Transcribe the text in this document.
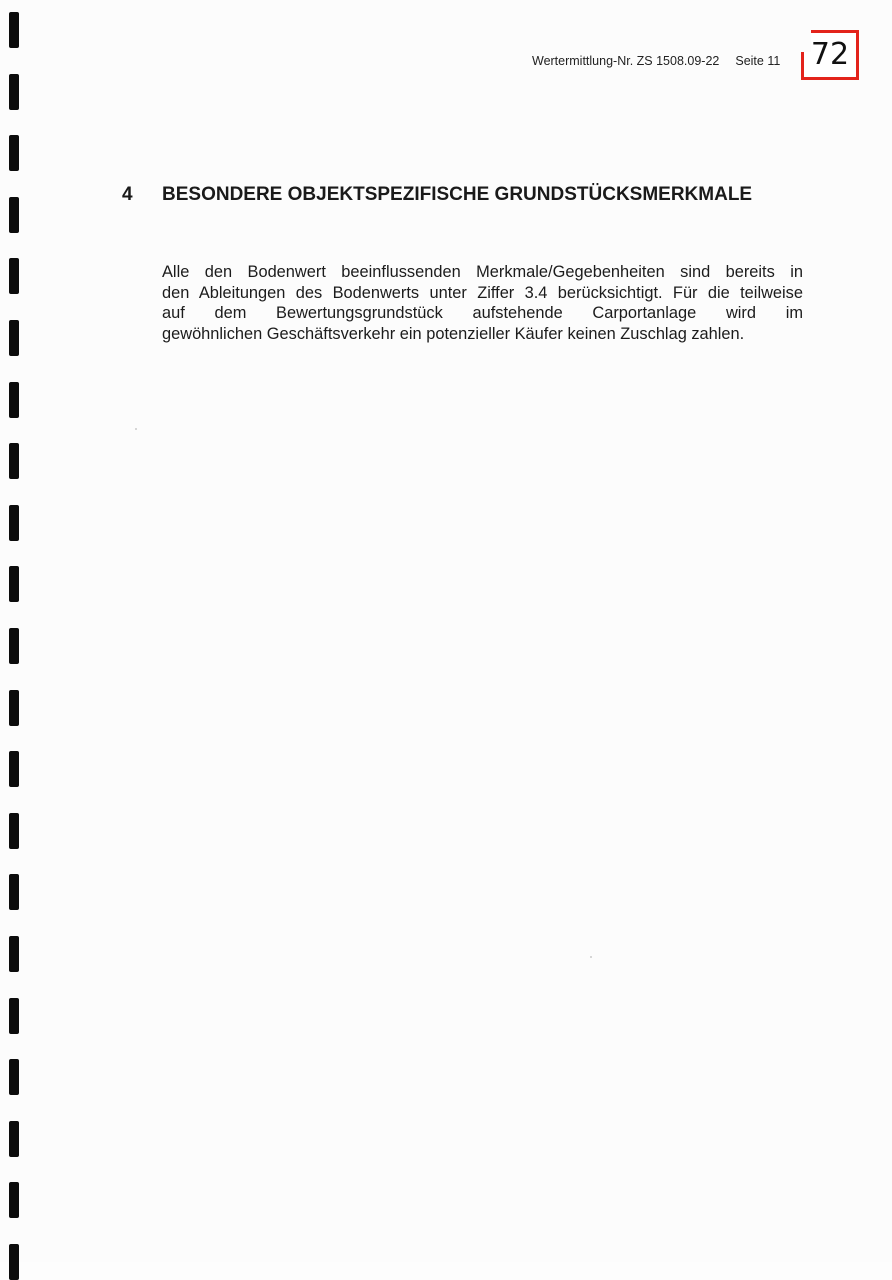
Wertermittlung-Nr. ZS 1508.09-22 Seite 11	72
4 BESONDERE OBJEKTSPEZIFISCHE GRUNDSTÜCKSMERKMALE
Alle den Bodenwert beeinflussenden Merkmale/Gegebenheiten sind bereits in
den Ableitungen des Bodenwerts unter Ziffer 3.4 berücksichtigt. Für die teilweise
auf dem Bewertungsgrundstück aufstehende Carportanlage wird im
gewöhnlichen Geschäftsverkehr ein potenzieller Käufer keinen Zuschlag zahlen.
